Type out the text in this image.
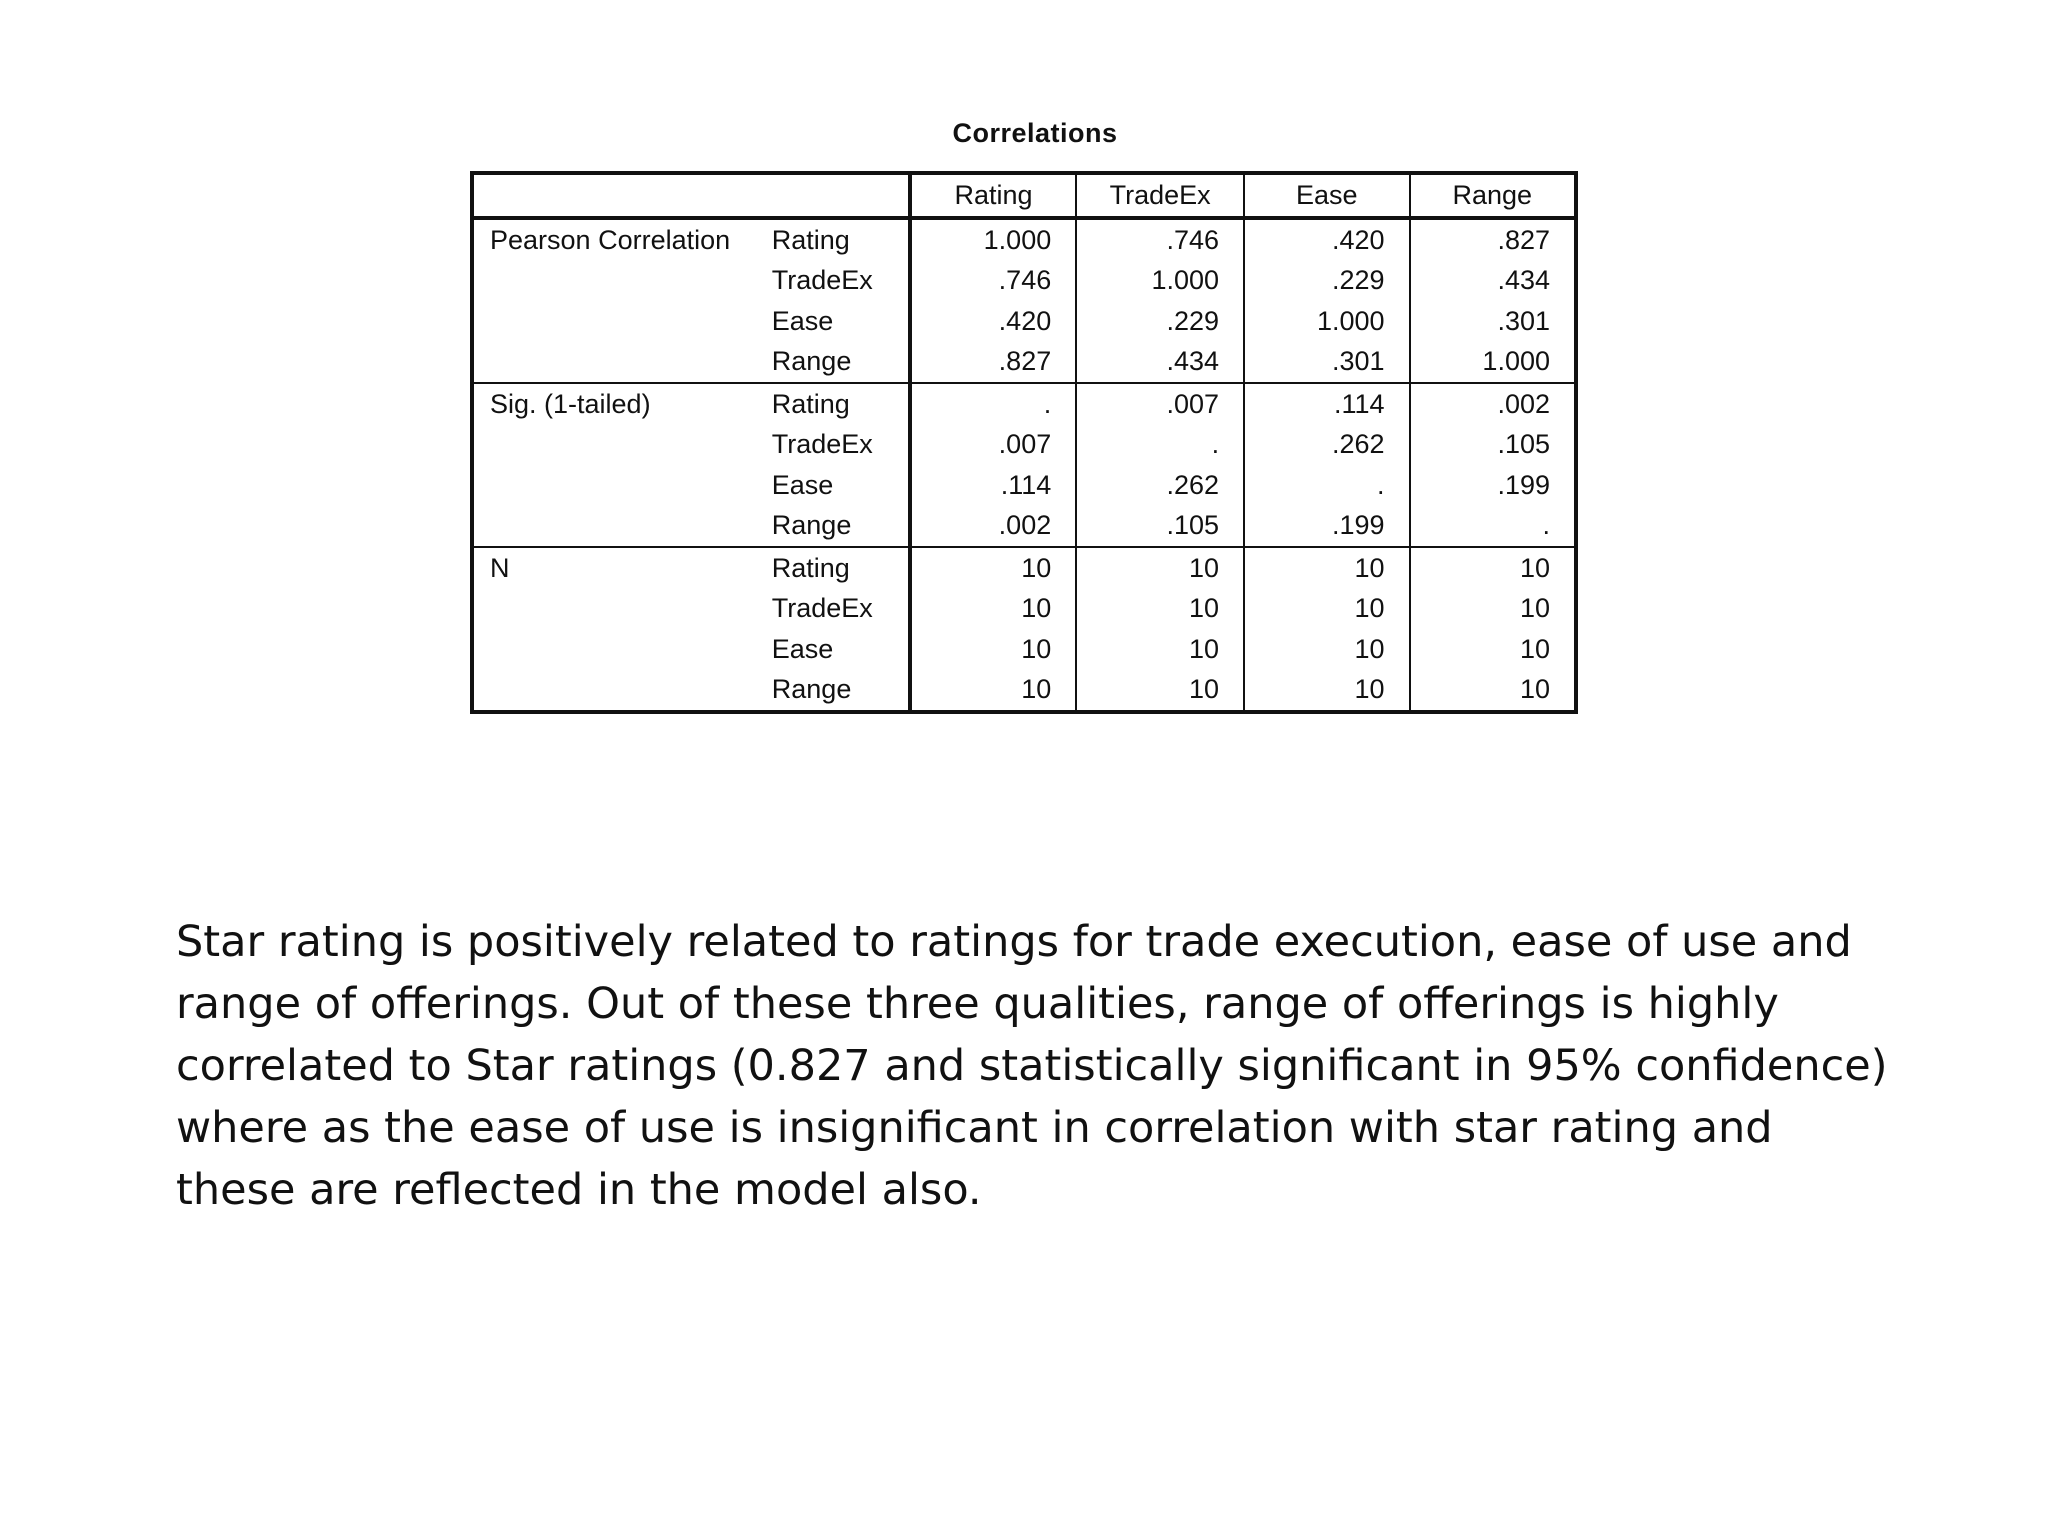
Correlations
		Rating	TradeEx	Ease	Range
Pearson Correlation	Rating	1.000	.746	.420	.827
	TradeEx	.746	1.000	.229	.434
	Ease	.420	.229	1.000	.301
	Range	.827	.434	.301	1.000
Sig. (1-tailed)	Rating	.	.007	.114	.002
	TradeEx	.007	.	.262	.105
	Ease	.114	.262	.	.199
	Range	.002	.105	.199	.
N	Rating	10	10	10	10
	TradeEx	10	10	10	10
	Ease	10	10	10	10
	Range	10	10	10	10

Star rating is positively related to ratings for trade execution, ease of use and range of offerings. Out of these three qualities, range of offerings is highly correlated to Star ratings (0.827 and statistically significant in 95% confidence) where as the ease of use is insignificant in correlation with star rating and these are reflected in the model also.
